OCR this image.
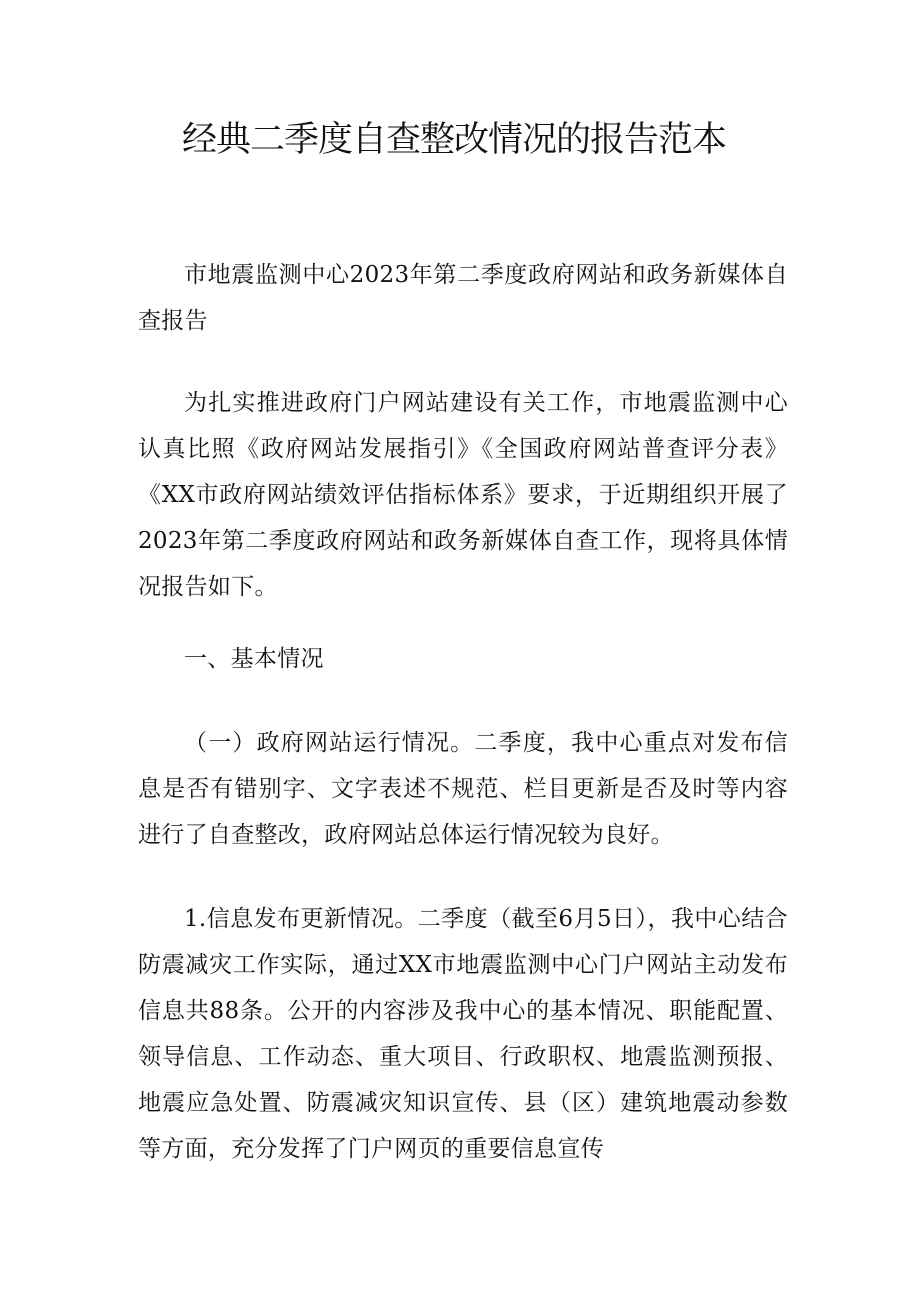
经典二季度自查整改情况的报告范本

市地震监测中心2023年第二季度政府网站和政务新媒体自查报告

为扎实推进政府门户网站建设有关工作，市地震监测中心认真比照《政府网站发展指引》《全国政府网站普查评分表》《XX市政府网站绩效评估指标体系》要求，于近期组织开展了2023年第二季度政府网站和政务新媒体自查工作，现将具体情况报告如下。

一、基本情况

（一）政府网站运行情况。二季度，我中心重点对发布信息是否有错别字、文字表述不规范、栏目更新是否及时等内容进行了自查整改，政府网站总体运行情况较为良好。

1.信息发布更新情况。二季度（截至6月5日），我中心结合防震减灾工作实际，通过XX市地震监测中心门户网站主动发布信息共88条。公开的内容涉及我中心的基本情况、职能配置、领导信息、工作动态、重大项目、行政职权、地震监测预报、地震应急处置、防震减灾知识宣传、县（区）建筑地震动参数等方面，充分发挥了门户网页的重要信息宣传
